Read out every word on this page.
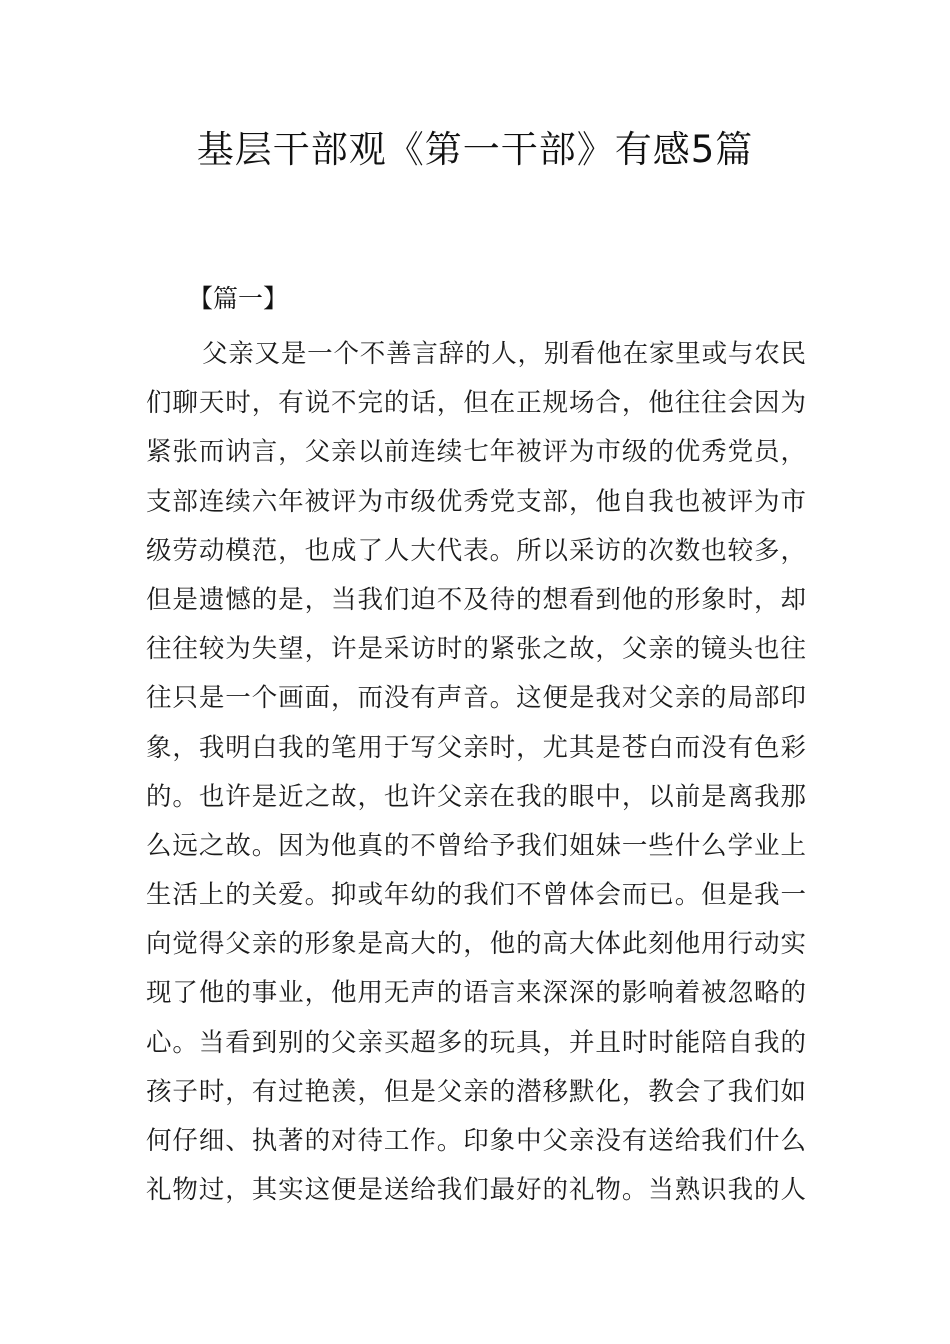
基层干部观《第一干部》有感5篇

【篇一】

父亲又是一个不善言辞的人，别看他在家里或与农民
们聊天时，有说不完的话，但在正规场合，他往往会因为
紧张而讷言，父亲以前连续七年被评为市级的优秀党员，
支部连续六年被评为市级优秀党支部，他自我也被评为市
级劳动模范，也成了人大代表。所以采访的次数也较多，
但是遗憾的是，当我们迫不及待的想看到他的形象时，却
往往较为失望，许是采访时的紧张之故，父亲的镜头也往
往只是一个画面，而没有声音。这便是我对父亲的局部印
象，我明白我的笔用于写父亲时，尤其是苍白而没有色彩
的。也许是近之故，也许父亲在我的眼中，以前是离我那
么远之故。因为他真的不曾给予我们姐妹一些什么学业上
生活上的关爱。抑或年幼的我们不曾体会而已。但是我一
向觉得父亲的形象是高大的，他的高大体此刻他用行动实
现了他的事业，他用无声的语言来深深的影响着被忽略的
心。当看到别的父亲买超多的玩具，并且时时能陪自我的
孩子时，有过艳羡，但是父亲的潜移默化，教会了我们如
何仔细、执著的对待工作。印象中父亲没有送给我们什么
礼物过，其实这便是送给我们最好的礼物。当熟识我的人
